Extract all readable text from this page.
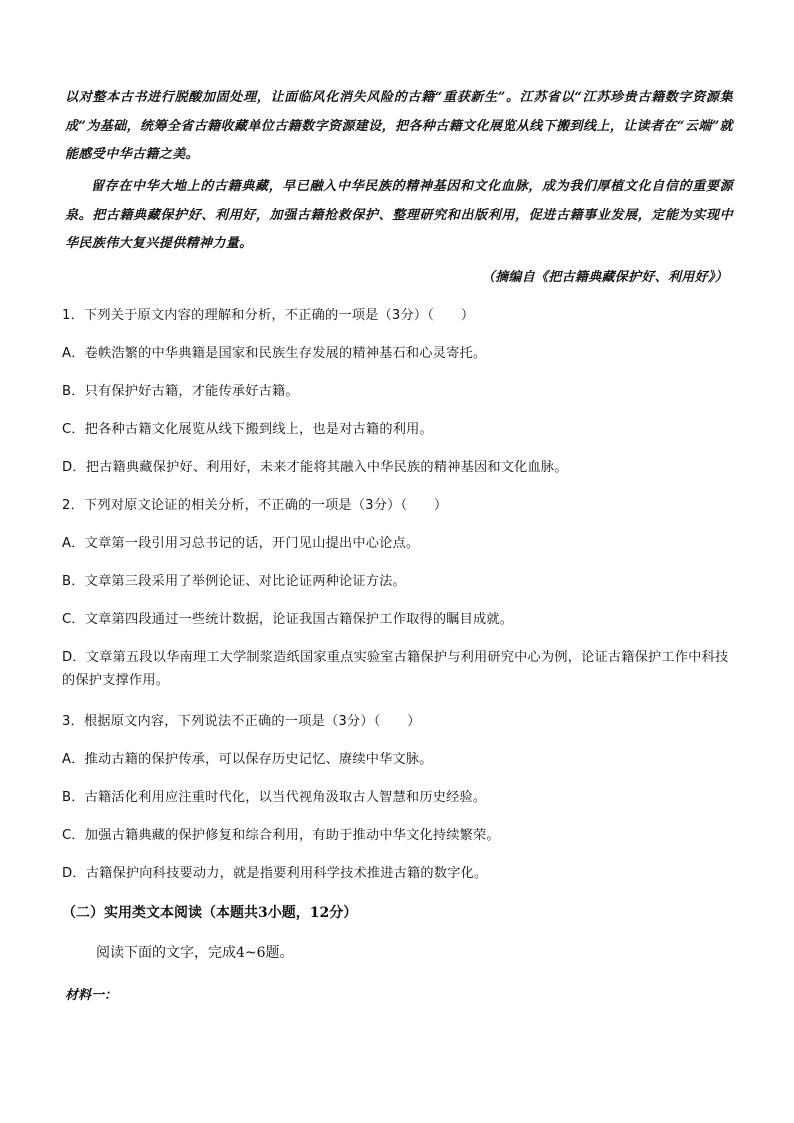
以对整本古书进行脱酸加固处理，让面临风化消失风险的古籍“重获新生”。江苏省以“江苏珍贵古籍数字资源集成”为基础，统筹全省古籍收藏单位古籍数字资源建设，把各种古籍文化展览从线下搬到线上，让读者在“云端”就能感受中华古籍之美。

留存在中华大地上的古籍典藏，早已融入中华民族的精神基因和文化血脉，成为我们厚植文化自信的重要源泉。把古籍典藏保护好、利用好，加强古籍抢救保护、整理研究和出版利用，促进古籍事业发展，定能为实现中华民族伟大复兴提供精神力量。

（摘编自《把古籍典藏保护好、利用好》）

1．下列关于原文内容的理解和分析，不正确的一项是（3分）（　　）

A．卷帙浩繁的中华典籍是国家和民族生存发展的精神基石和心灵寄托。

B．只有保护好古籍，才能传承好古籍。

C．把各种古籍文化展览从线下搬到线上，也是对古籍的利用。

D．把古籍典藏保护好、利用好，未来才能将其融入中华民族的精神基因和文化血脉。

2．下列对原文论证的相关分析，不正确的一项是（3分）（　　）

A．文章第一段引用习总书记的话，开门见山提出中心论点。

B．文章第三段采用了举例论证、对比论证两种论证方法。

C．文章第四段通过一些统计数据，论证我国古籍保护工作取得的瞩目成就。

D．文章第五段以华南理工大学制浆造纸国家重点实验室古籍保护与利用研究中心为例，论证古籍保护工作中科技的保护支撑作用。

3．根据原文内容，下列说法不正确的一项是（3分）（　　）

A．推动古籍的保护传承，可以保存历史记忆、赓续中华文脉。

B．古籍活化利用应注重时代化，以当代视角汲取古人智慧和历史经验。

C．加强古籍典藏的保护修复和综合利用，有助于推动中华文化持续繁荣。

D．古籍保护向科技要动力，就是指要利用科学技术推进古籍的数字化。

（二）实用类文本阅读（本题共3小题，12分）

阅读下面的文字，完成4~6题。

材料一：
